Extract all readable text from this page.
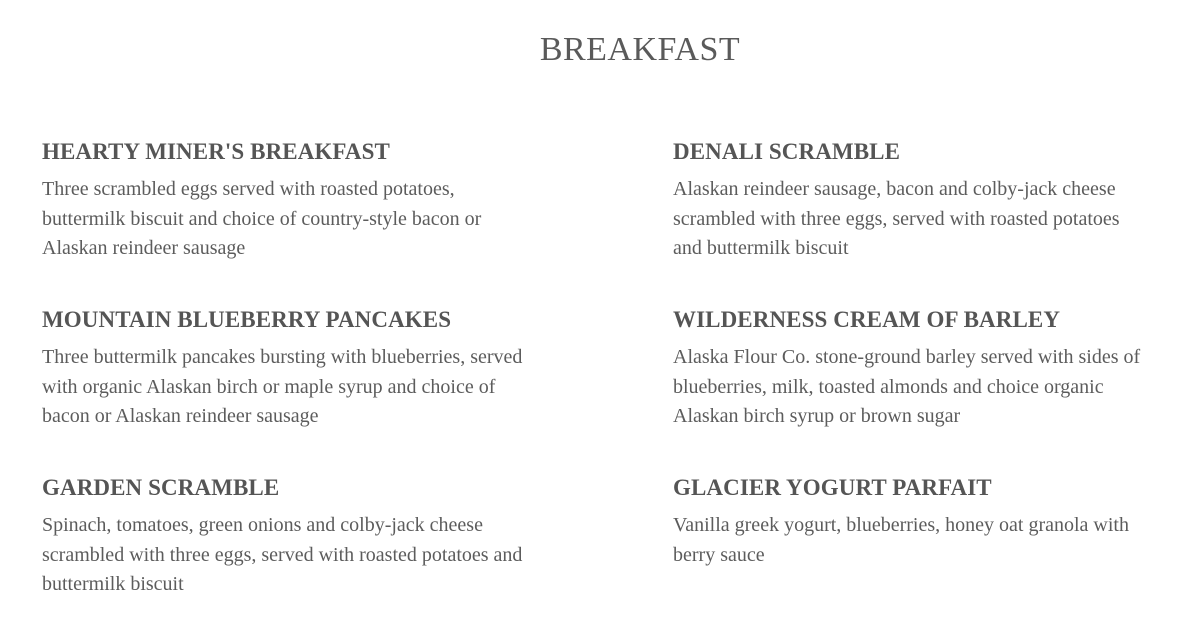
BREAKFAST
HEARTY MINER'S BREAKFAST

Three scrambled eggs served with roasted potatoes, buttermilk biscuit and choice of country-style bacon or Alaskan reindeer sausage

DENALI SCRAMBLE

Alaskan reindeer sausage, bacon and colby-jack cheese scrambled with three eggs, served with roasted potatoes and buttermilk biscuit

MOUNTAIN BLUEBERRY PANCAKES

Three buttermilk pancakes bursting with blueberries, served with organic Alaskan birch or maple syrup and choice of bacon or Alaskan reindeer sausage

WILDERNESS CREAM OF BARLEY

Alaska Flour Co. stone-ground barley served with sides of blueberries, milk, toasted almonds and choice organic Alaskan birch syrup or brown sugar

GARDEN SCRAMBLE

Spinach, tomatoes, green onions and colby-jack cheese scrambled with three eggs, served with roasted potatoes and buttermilk biscuit

GLACIER YOGURT PARFAIT

Vanilla greek yogurt, blueberries, honey oat granola with berry sauce
